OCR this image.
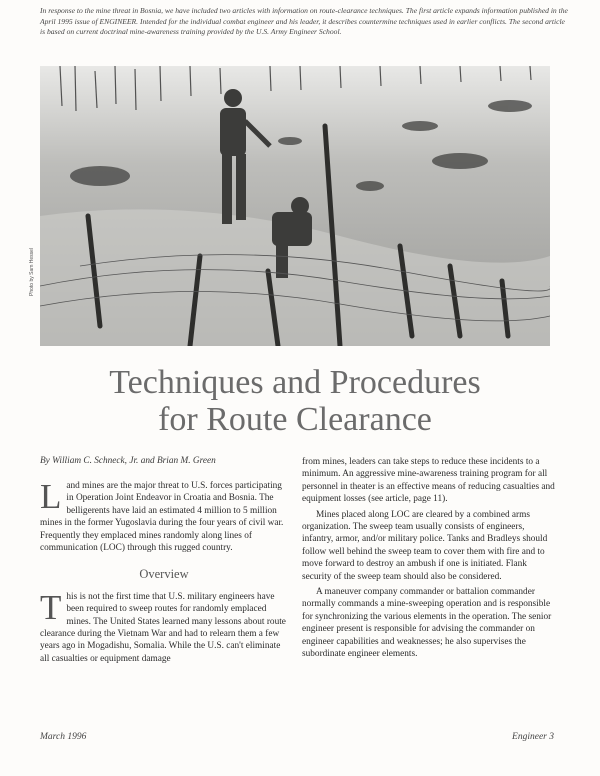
In response to the mine threat in Bosnia, we have included two articles with information on route-clearance techniques. The first article expands information published in the April 1995 issue of ENGINEER. Intended for the individual combat engineer and his leader, it describes countermine techniques used in earlier conflicts. The second article is based on current doctrinal mine-awareness training provided by the U.S. Army Engineer School.

Photo by Sam Hessel
Techniques and Procedures
for Route Clearance

By William C. Schneck, Jr. and Brian M. Green

Land mines are the major threat to U.S. forces participating in Operation Joint Endeavor in Croatia and Bosnia. The belligerents have laid an estimated 4 million to 5 million mines in the former Yugoslavia during the four years of civil war. Frequently they emplaced mines randomly along lines of communication (LOC) through this rugged country.

Overview

This is not the first time that U.S. military engineers have been required to sweep routes for randomly emplaced mines. The United States learned many lessons about route clearance during the Vietnam War and had to relearn them a few years ago in Mogadishu, Somalia. While the U.S. can't eliminate all casualties or equipment damage

from mines, leaders can take steps to reduce these incidents to a minimum. An aggressive mine-awareness training program for all personnel in theater is an effective means of reducing casualties and equipment losses (see article, page 11).

Mines placed along LOC are cleared by a combined arms organization. The sweep team usually consists of engineers, infantry, armor, and/or military police. Tanks and Bradleys should follow well behind the sweep team to cover them with fire and to move forward to destroy an ambush if one is initiated. Flank security of the sweep team should also be considered.

A maneuver company commander or battalion commander normally commands a mine-sweeping operation and is responsible for synchronizing the various elements in the operation. The senior engineer present is responsible for advising the commander on engineer capabilities and weaknesses; he also supervises the subordinate engineer elements.

March 1996	Engineer 3
